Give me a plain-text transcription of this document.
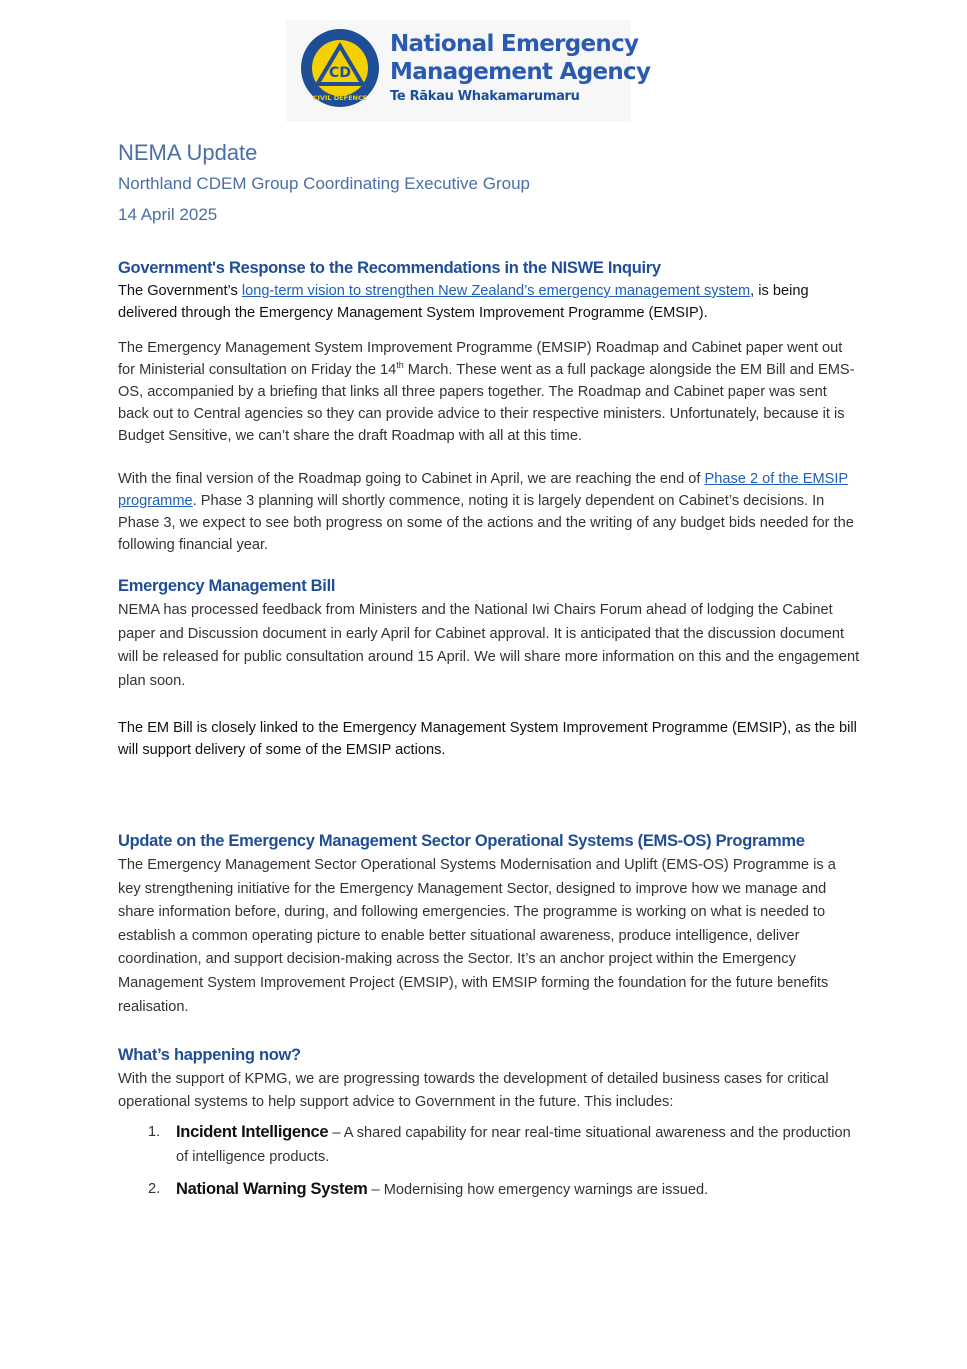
CD
CIVIL DEFENCE
National Emergency
Management Agency
Te Rākau Whakamarumaru
NEMA Update
Northland CDEM Group Coordinating Executive Group
14 April 2025
Government's Response to the Recommendations in the NISWE Inquiry

The Government’s long-term vision to strengthen New Zealand’s emergency management system, is being delivered through the Emergency Management System Improvement Programme (EMSIP).

The Emergency Management System Improvement Programme (EMSIP) Roadmap and Cabinet paper went out for Ministerial consultation on Friday the 14th March. These went as a full package alongside the EM Bill and EMS-OS, accompanied by a briefing that links all three papers together. The Roadmap and Cabinet paper was sent back out to Central agencies so they can provide advice to their respective ministers. Unfortunately, because it is Budget Sensitive, we can’t share the draft Roadmap with all at this time.

With the final version of the Roadmap going to Cabinet in April, we are reaching the end of Phase 2 of the EMSIP programme. Phase 3 planning will shortly commence, noting it is largely dependent on Cabinet’s decisions. In Phase 3, we expect to see both progress on some of the actions and the writing of any budget bids needed for the following financial year.

Emergency Management Bill

NEMA has processed feedback from Ministers and the National Iwi Chairs Forum ahead of lodging the Cabinet paper and Discussion document in early April for Cabinet approval. It is anticipated that the discussion document will be released for public consultation around 15 April. We will share more information on this and the engagement plan soon.

The EM Bill is closely linked to the Emergency Management System Improvement Programme (EMSIP), as the bill will support delivery of some of the EMSIP actions.

Update on the Emergency Management Sector Operational Systems (EMS-OS) Programme

The Emergency Management Sector Operational Systems Modernisation and Uplift (EMS-OS) Programme is a key strengthening initiative for the Emergency Management Sector, designed to improve how we manage and share information before, during, and following emergencies. The programme is working on what is needed to establish a common operating picture to enable better situational awareness, produce intelligence, deliver coordination, and support decision-making across the Sector. It’s an anchor project within the Emergency Management System Improvement Project (EMSIP), with EMSIP forming the foundation for the future benefits realisation.

What’s happening now?

With the support of KPMG, we are progressing towards the development of detailed business cases for critical operational systems to help support advice to Government in the future. This includes:

1. Incident Intelligence – A shared capability for near real-time situational awareness and the production of intelligence products.
2. National Warning System – Modernising how emergency warnings are issued.
